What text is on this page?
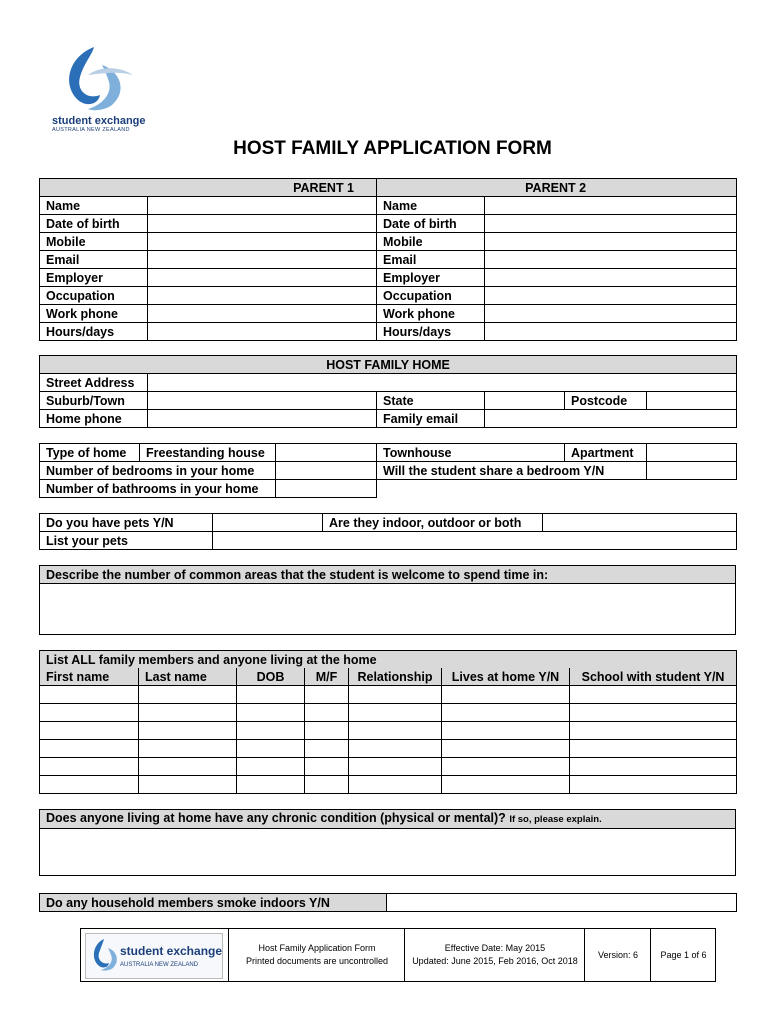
student exchange
AUSTRALIA NEW ZEALAND
HOST FAMILY APPLICATION FORM
PARENT 1		PARENT 2	
Name		Name	
Date of birth		Date of birth	
Mobile		Mobile	
Email		Email	
Employer		Employer	
Occupation		Occupation	
Work phone		Work phone	
Hours/days		Hours/days	
HOST FAMILY HOME					
Street Address					
Suburb/Town		State		Postcode	
Home phone		Family email			
Type of home	Freestanding house		Townhouse	Apartment	
Number of bedrooms in your home			Will the student share a bedroom Y/N		
Number of bathrooms in your home					
Do you have pets Y/N		Are they indoor, outdoor or both	
List your pets			
Describe the number of common areas that the student is welcome to spend time in:

List ALL family members and anyone living at the home						
First name	Last name	DOB	M/F	Relationship	Lives at home Y/N	School with student Y/N

Does anyone living at home have any chronic condition (physical or mental)? If so, please explain.

Do any household members smoke indoors Y/N	
student exchange
AUSTRALIA NEW ZEALAND
Host Family Application Form
Printed documents are uncontrolled
Effective Date: May 2015
Updated: June 2015, Feb 2016, Oct 2018
Version: 6	Page 1 of 6
